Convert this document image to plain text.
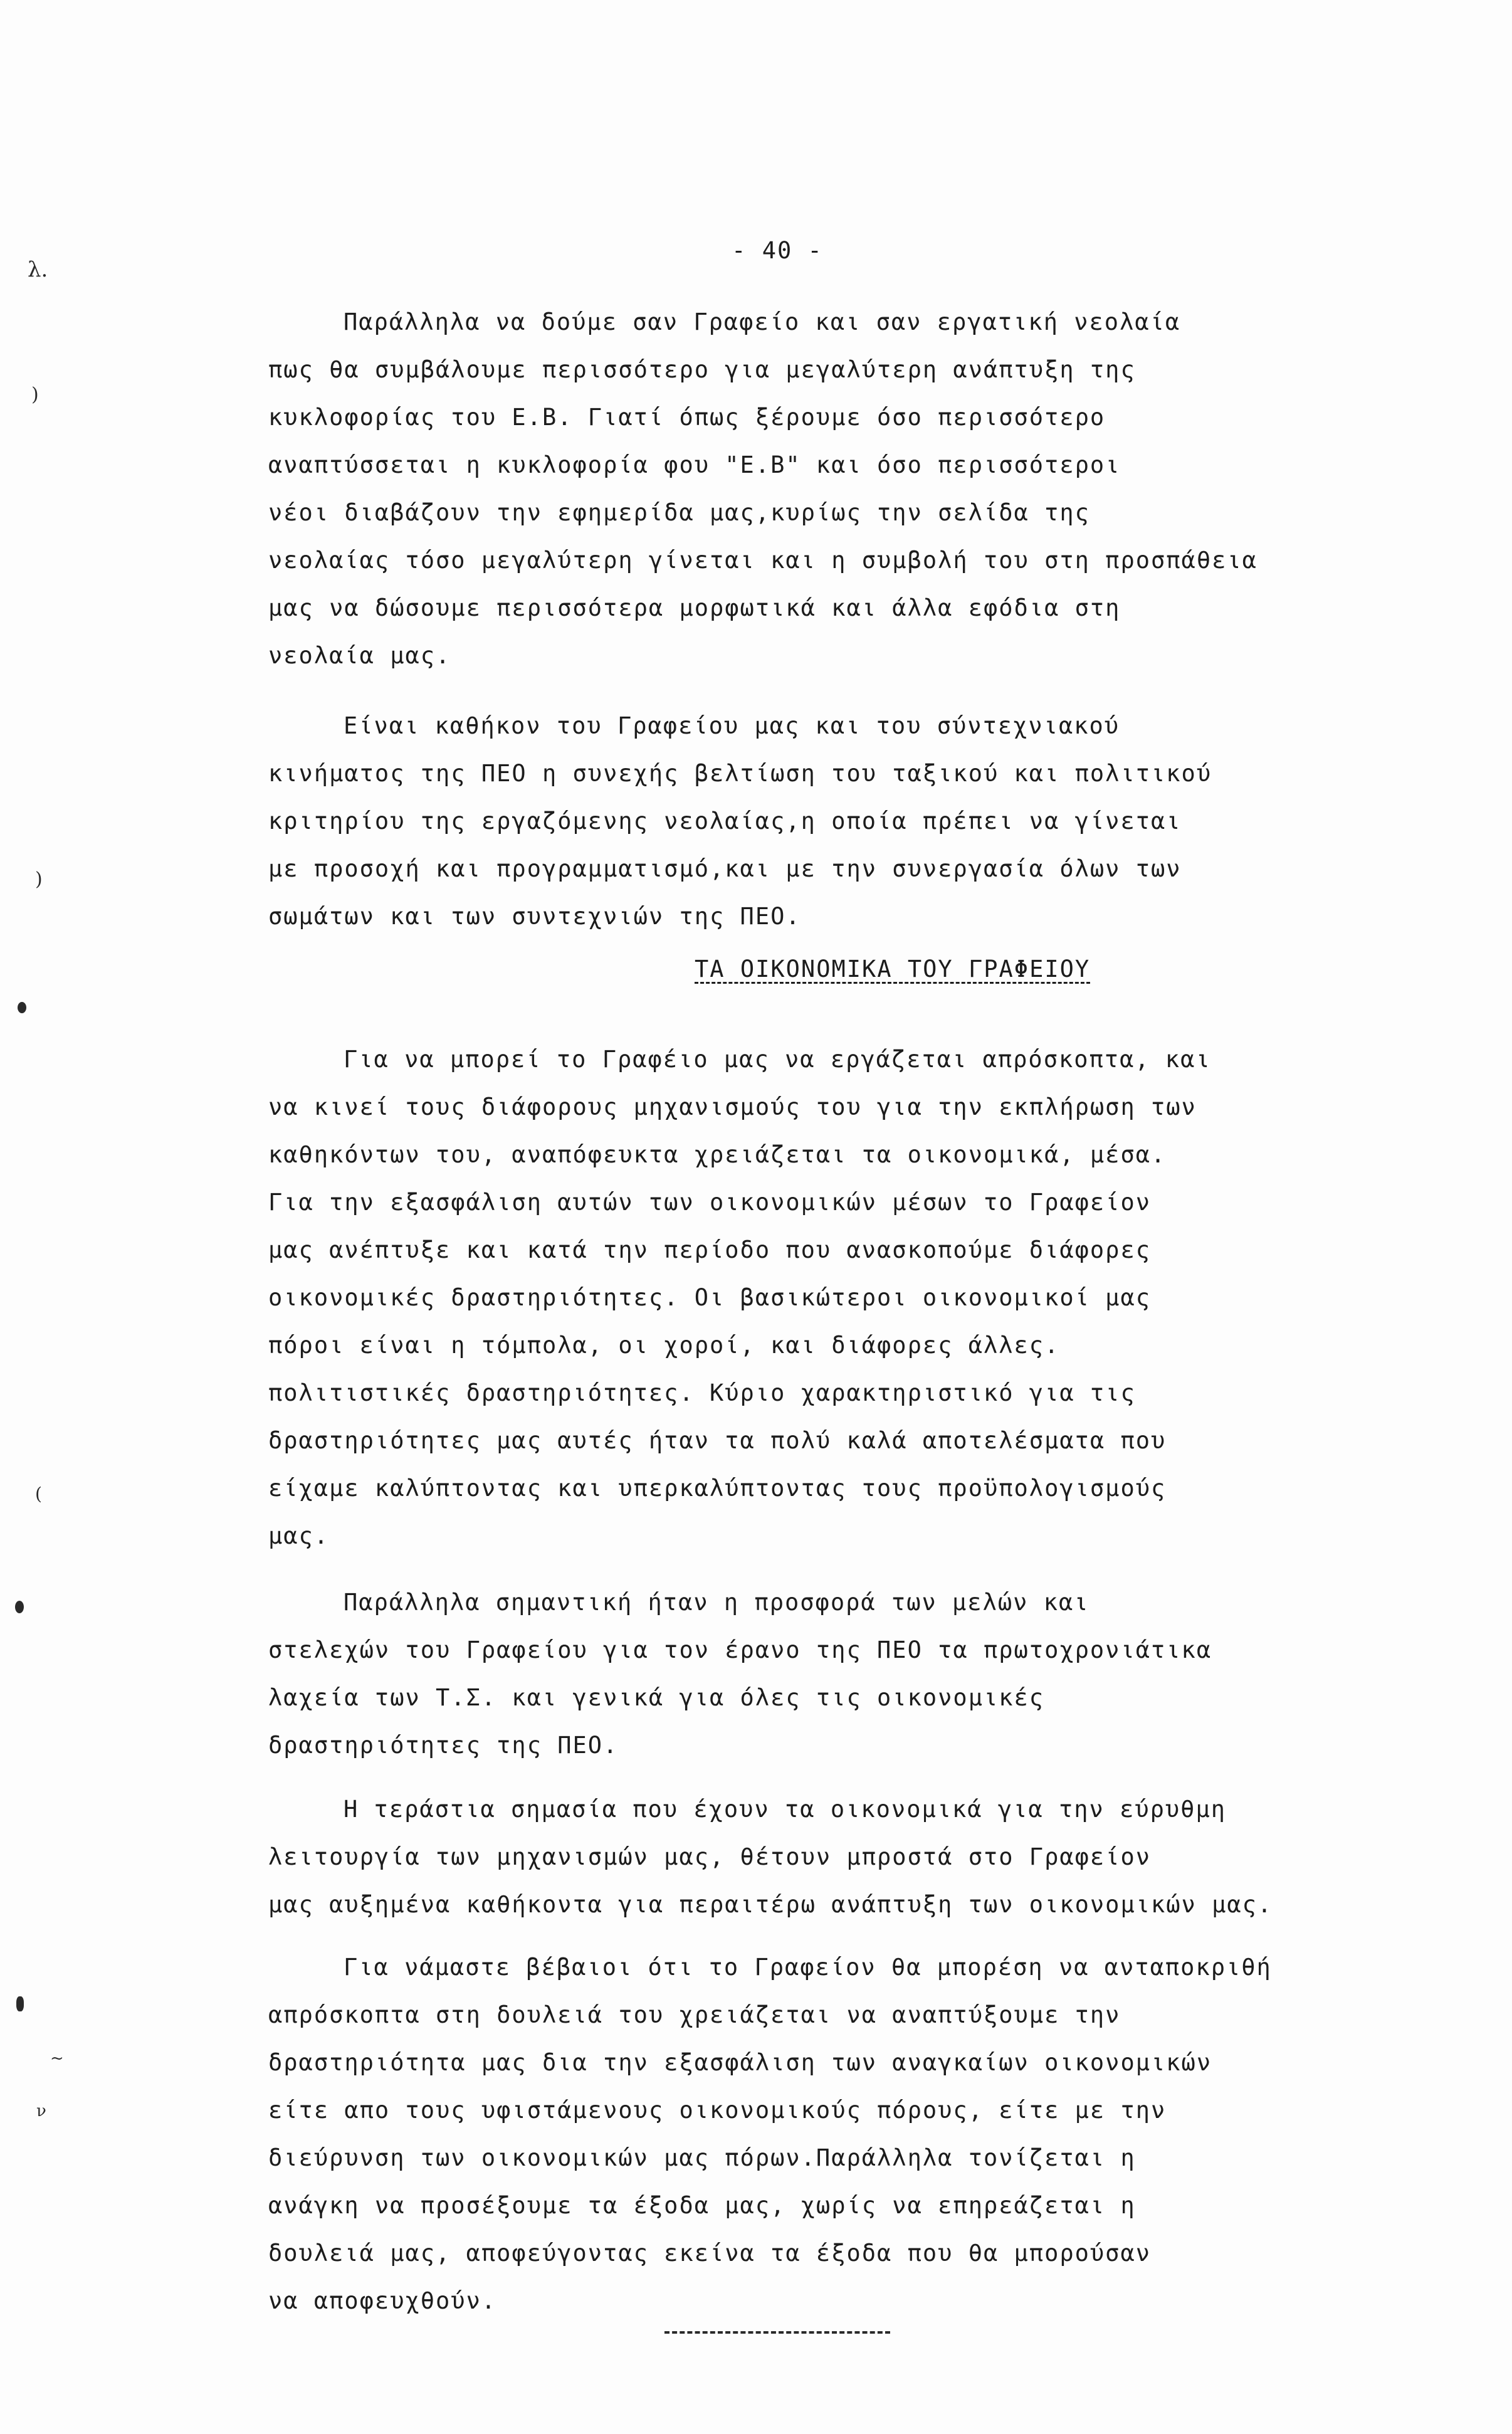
λ.
)
)
(
~
ν
- 40 -
Παράλληλα να δούμε σαν Γραφείο και σαν εργατική νεολαία
πως θα συμβάλουμε περισσότερο για μεγαλύτερη ανάπτυξη της
κυκλοφορίας του Ε.Β. Γιατί όπως ξέρουμε όσο περισσότερο
αναπτύσσεται η κυκλοφορία φου "Ε.Β" και όσο περισσότεροι
νέοι διαβάζουν την εφημερίδα μας,κυρίως την σελίδα της
νεολαίας τόσο μεγαλύτερη γίνεται και η συμβολή του στη προσπάθεια
μας να δώσουμε περισσότερα μορφωτικά και άλλα εφόδια στη
νεολαία μας.
Είναι καθήκον του Γραφείου μας και του σύντεχνιακού
κινήματος της ΠΕΟ η συνεχής βελτίωση του ταξικού και πολιτικού
κριτηρίου της εργαζόμενης νεολαίας,η οποία πρέπει να γίνεται
με προσοχή και προγραμματισμό,και με την συνεργασία όλων των
σωμάτων και των συντεχνιών της ΠΕΟ.
ΤΑ ΟΙΚΟΝΟΜΙΚΑ ΤΟΥ ΓΡΑΦΕΙΟΥ
Για να μπορεί το Γραφέιο μας να εργάζεται απρόσκοπτα, και
να κινεί τους διάφορους μηχανισμούς του για την εκπλήρωση των
καθηκόντων του, αναπόφευκτα χρειάζεται τα οικονομικά, μέσα.
Για την εξασφάλιση αυτών των οικονομικών μέσων το Γραφείον
μας ανέπτυξε και κατά την περίοδο που ανασκοπούμε διάφορες
οικονομικές δραστηριότητες. Οι βασικώτεροι οικονομικοί μας
πόροι είναι η τόμπολα, οι χοροί, και διάφορες άλλες.
πολιτιστικές δραστηριότητες. Κύριο χαρακτηριστικό για τις
δραστηριότητες μας αυτές ήταν τα πολύ καλά αποτελέσματα που
είχαμε καλύπτοντας και υπερκαλύπτοντας τους προϋπολογισμούς
μας.
Παράλληλα σημαντική ήταν η προσφορά των μελών και
στελεχών του Γραφείου για τον έρανο της ΠΕΟ τα πρωτοχρονιάτικα
λαχεία των Τ.Σ. και γενικά για όλες τις οικονομικές
δραστηριότητες της ΠΕΟ.
Η τεράστια σημασία που έχουν τα οικονομικά για την εύρυθμη
λειτουργία των μηχανισμών μας, θέτουν μπροστά στο Γραφείον
μας αυξημένα καθήκοντα για περαιτέρω ανάπτυξη των οικονομικών μας.
Για νάμαστε βέβαιοι ότι το Γραφείον θα μπορέση να ανταποκριθή
απρόσκοπτα στη δουλειά του χρειάζεται να αναπτύξουμε την
δραστηριότητα μας δια την εξασφάλιση των αναγκαίων οικονομικών
είτε απο τους υφιστάμενους οικονομικούς πόρους, είτε με την
διεύρυνση των οικονομικών μας πόρων.Παράλληλα τονίζεται η
ανάγκη να προσέξουμε τα έξοδα μας, χωρίς να επηρεάζεται η
δουλειά μας, αποφεύγοντας εκείνα τα έξοδα που θα μπορούσαν
να αποφευχθούν.
